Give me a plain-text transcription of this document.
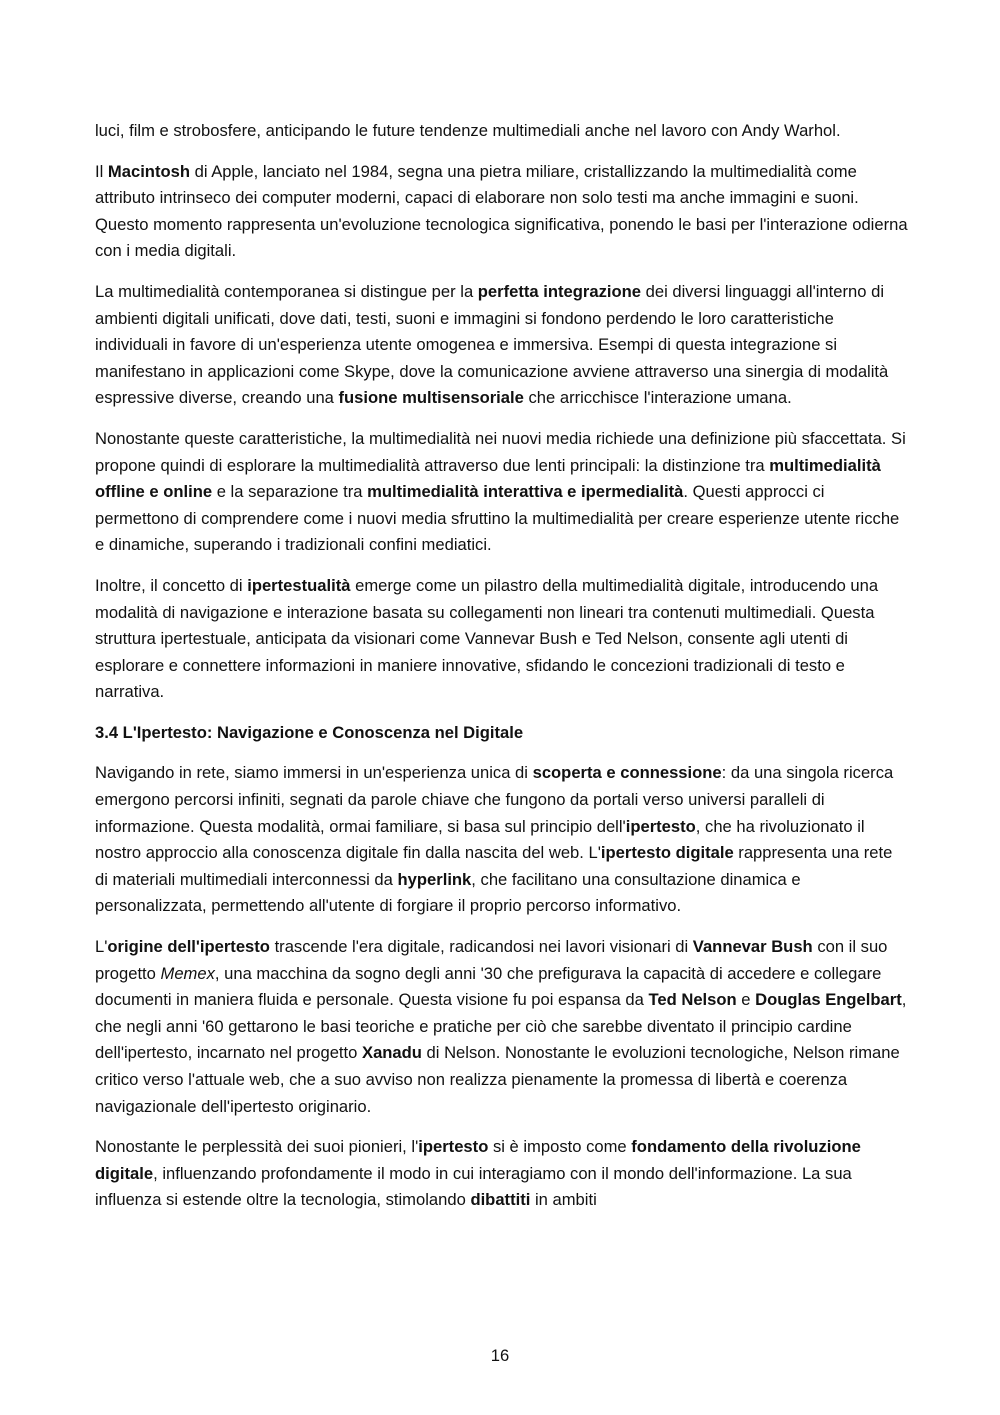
luci, film e strobosfere, anticipando le future tendenze multimediali anche nel lavoro con Andy Warhol.

Il Macintosh di Apple, lanciato nel 1984, segna una pietra miliare, cristallizzando la multimedialità come attributo intrinseco dei computer moderni, capaci di elaborare non solo testi ma anche immagini e suoni. Questo momento rappresenta un'evoluzione tecnologica significativa, ponendo le basi per l'interazione odierna con i media digitali.

La multimedialità contemporanea si distingue per la perfetta integrazione dei diversi linguaggi all'interno di ambienti digitali unificati, dove dati, testi, suoni e immagini si fondono perdendo le loro caratteristiche individuali in favore di un'esperienza utente omogenea e immersiva. Esempi di questa integrazione si manifestano in applicazioni come Skype, dove la comunicazione avviene attraverso una sinergia di modalità espressive diverse, creando una fusione multisensoriale che arricchisce l'interazione umana.

Nonostante queste caratteristiche, la multimedialità nei nuovi media richiede una definizione più sfaccettata. Si propone quindi di esplorare la multimedialità attraverso due lenti principali: la distinzione tra multimedialità offline e online e la separazione tra multimedialità interattiva e ipermedialità. Questi approcci ci permettono di comprendere come i nuovi media sfruttino la multimedialità per creare esperienze utente ricche e dinamiche, superando i tradizionali confini mediatici.

Inoltre, il concetto di ipertestualità emerge come un pilastro della multimedialità digitale, introducendo una modalità di navigazione e interazione basata su collegamenti non lineari tra contenuti multimediali. Questa struttura ipertestuale, anticipata da visionari come Vannevar Bush e Ted Nelson, consente agli utenti di esplorare e connettere informazioni in maniere innovative, sfidando le concezioni tradizionali di testo e narrativa.

3.4 L'Ipertesto: Navigazione e Conoscenza nel Digitale

Navigando in rete, siamo immersi in un'esperienza unica di scoperta e connessione: da una singola ricerca emergono percorsi infiniti, segnati da parole chiave che fungono da portali verso universi paralleli di informazione. Questa modalità, ormai familiare, si basa sul principio dell'ipertesto, che ha rivoluzionato il nostro approccio alla conoscenza digitale fin dalla nascita del web. L'ipertesto digitale rappresenta una rete di materiali multimediali interconnessi da hyperlink, che facilitano una consultazione dinamica e personalizzata, permettendo all'utente di forgiare il proprio percorso informativo.

L'origine dell'ipertesto trascende l'era digitale, radicandosi nei lavori visionari di Vannevar Bush con il suo progetto Memex, una macchina da sogno degli anni '30 che prefigurava la capacità di accedere e collegare documenti in maniera fluida e personale. Questa visione fu poi espansa da Ted Nelson e Douglas Engelbart, che negli anni '60 gettarono le basi teoriche e pratiche per ciò che sarebbe diventato il principio cardine dell'ipertesto, incarnato nel progetto Xanadu di Nelson. Nonostante le evoluzioni tecnologiche, Nelson rimane critico verso l'attuale web, che a suo avviso non realizza pienamente la promessa di libertà e coerenza navigazionale dell'ipertesto originario.

Nonostante le perplessità dei suoi pionieri, l'ipertesto si è imposto come fondamento della rivoluzione digitale, influenzando profondamente il modo in cui interagiamo con il mondo dell'informazione. La sua influenza si estende oltre la tecnologia, stimolando dibattiti in ambiti

16
